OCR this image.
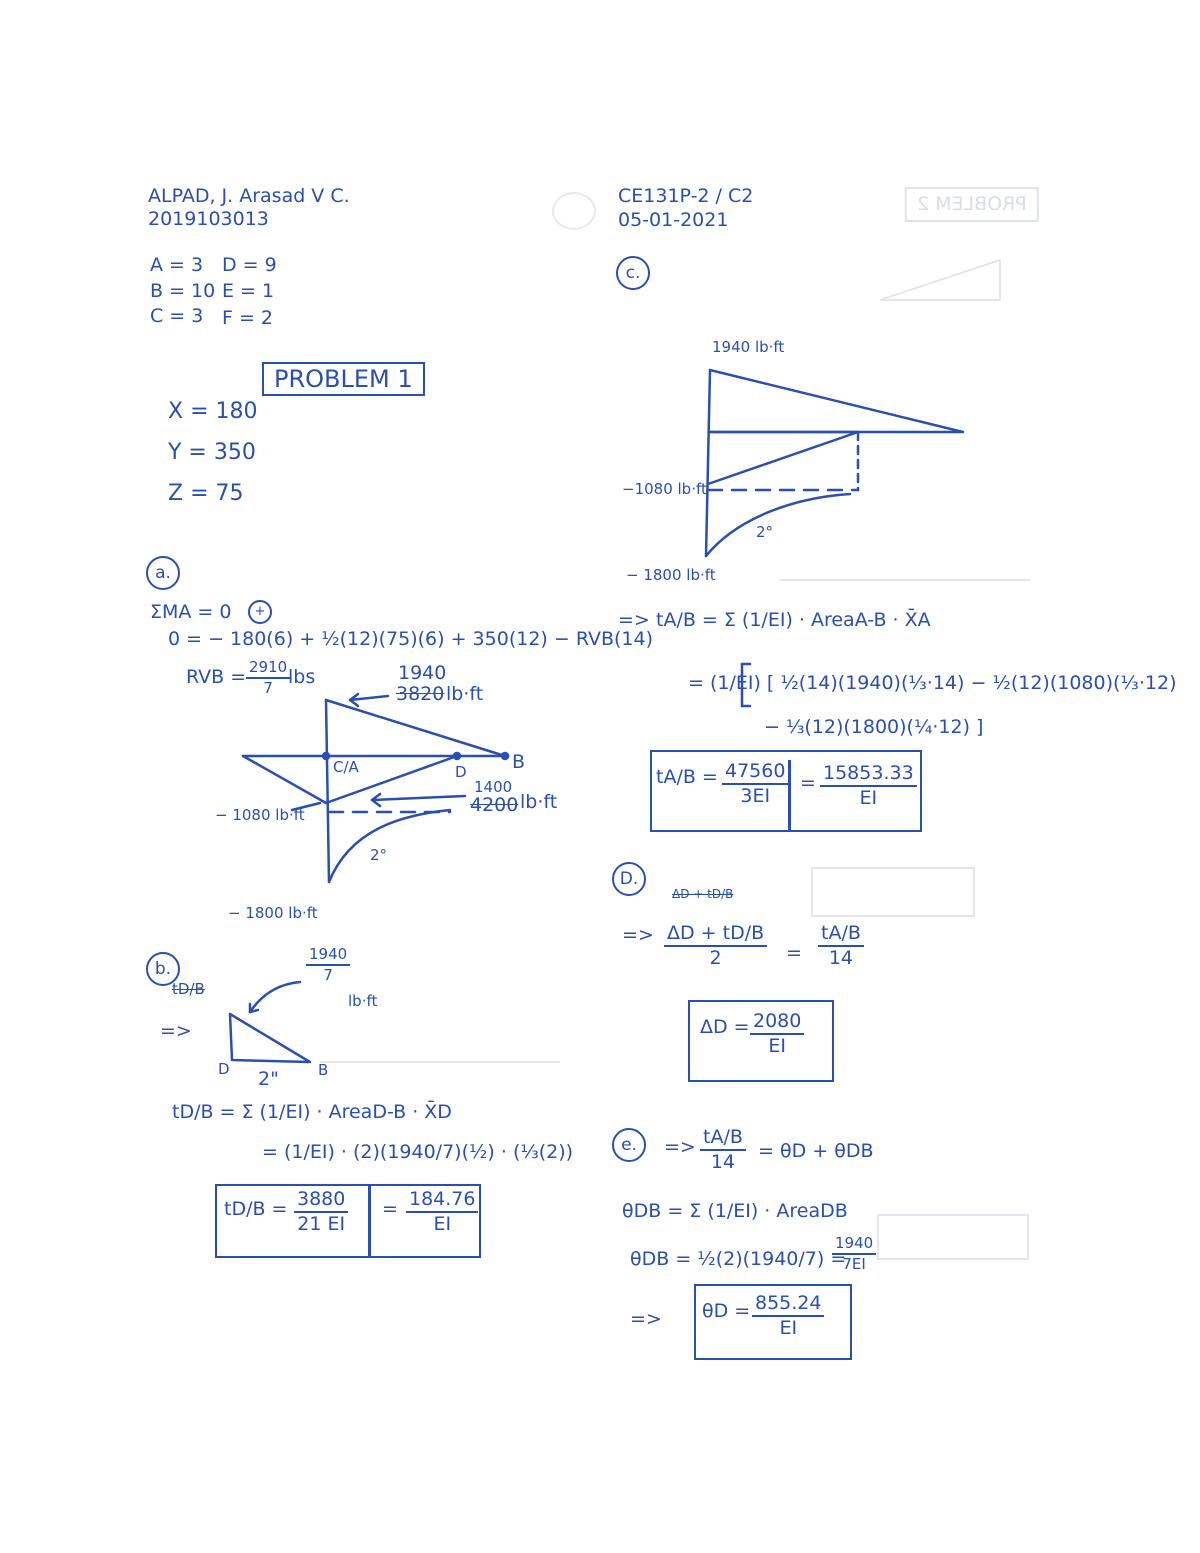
PROBLEM 2
ALPAD, J. Arasad V C.
2019103013
CE131P-2 / C2
05-01-2021
A = 3
B = 10
C = 3
D = 9
E = 1
F = 2
PROBLEM 1
X = 180
Y = 350
Z = 75
a.
ΣMA = 0	+
0 = − 180(6) + ½(12)(75)(6) + 350(12) − RVB(14)
RVB = $\frac{2910}{7}$
lbs	1940
3820 lb·ft
C/A	D B
1400
4200 lb·ft
− 1080 lb·ft
2°
− 1800 lb·ft
b.	$\frac{1940}{7}$
lb·ft
tD/B
=>
D	B
2"
tD/B = Σ (1/EI) · AreaD-B · X̄D
= (1/EI) · (2)(1940/7)(½) · (⅓(2))
$tD/B = \frac{3880}{21 EI} = \frac{184.76}{EI}$
c.
1940 lb·ft
−1080 lb·ft
2°
− 1800 lb·ft
=> tA/B = Σ (1/EI) · AreaA-B · X̄A
= (1/EI) [ ½(14)(1940)(⅓·14) − ½(12)(1080)(⅓·12)
− ⅓(12)(1800)(¼·12) ]
$tA/B = \frac{47560}{3EI} = \frac{15853.33}{EI}$
D.
ΔD + tD/B
=> $\frac{\Delta D + tD/B}{2} = \frac{tA/B}{14}$
$\Delta D = \frac{2080}{EI}$
e.	=> $\frac{tA/B}{14} = \theta D + \theta DB$
θDB = Σ (1/EI) · AreaDB
θDB = ½(2)(1940/7) =
$\frac{1940}{7EI}$
=> $\theta D = \frac{855.24}{EI}$
